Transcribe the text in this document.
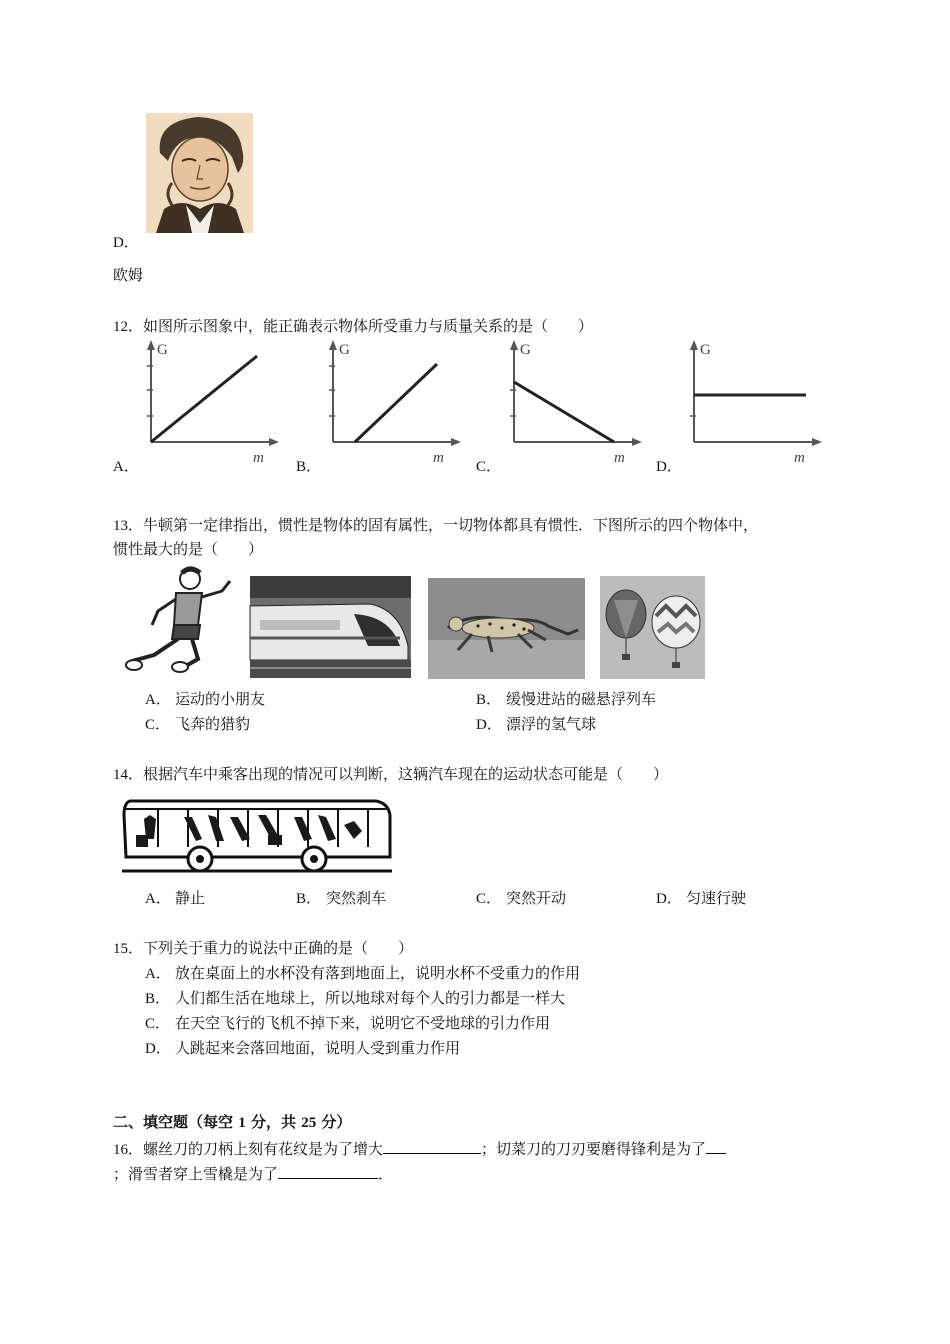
D．
欧姆
12．如图所示图象中，能正确表示物体所受重力与质量关系的是（　　）
G
m
A．
G
m
B．
G
m
C．
G
m
D．
13．牛顿第一定律指出，惯性是物体的固有属性，一切物体都具有惯性．下图所示的四个物体中，
惯性最大的是（　　）
A． 运动的小朋友	B． 缓慢进站的磁悬浮列车
C． 飞奔的猎豹	D． 漂浮的氢气球
14．根据汽车中乘客出现的情况可以判断，这辆汽车现在的运动状态可能是（　　）
A． 静止	B． 突然刹车	C． 突然开动	D． 匀速行驶
15．下列关于重力的说法中正确的是（　　）
A． 放在桌面上的水杯没有落到地面上，说明水杯不受重力的作用
B． 人们都生活在地球上，所以地球对每个人的引力都是一样大
C． 在天空飞行的飞机不掉下来，说明它不受地球的引力作用
D． 人跳起来会落回地面，说明人受到重力作用
二、填空题（每空 1 分，共 25 分）
16．螺丝刀的刀柄上刻有花纹是为了增大	；切菜刀的刀刃要磨得锋利是为了
；滑雪者穿上雪橇是为了	．
